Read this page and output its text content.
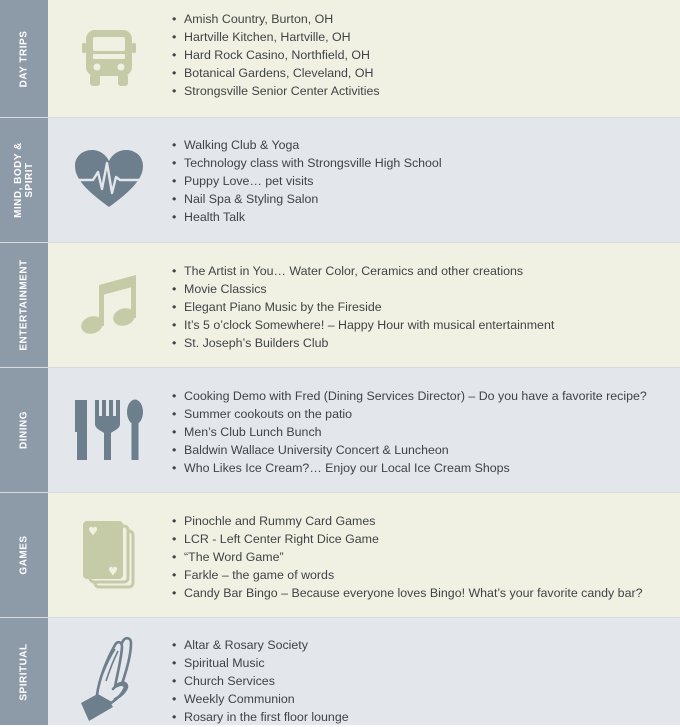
DAY TRIPS
• Amish Country, Burton, OH
• Hartville Kitchen, Hartville, OH
• Hard Rock Casino, Northfield, OH
• Botanical Gardens, Cleveland, OH
• Strongsville Senior Center Activities
MIND, BODY & SPIRIT
• Walking Club & Yoga
• Technology class with Strongsville High School
• Puppy Love… pet visits
• Nail Spa & Styling Salon
• Health Talk
ENTERTAINMENT	• The Artist in You… Water Color, Ceramics and other creations
• Movie Classics
• Elegant Piano Music by the Fireside
• It’s 5 o’clock Somewhere! – Happy Hour with musical entertainment
• St. Joseph’s Builders Club
DINING
• Cooking Demo with Fred (Dining Services Director) – Do you have a favorite recipe?
• Summer cookouts on the patio
• Men’s Club Lunch Bunch
• Baldwin Wallace University Concert & Luncheon
• Who Likes Ice Cream?… Enjoy our Local Ice Cream Shops
GAMES
• Pinochle and Rummy Card Games
• LCR - Left Center Right Dice Game
• “The Word Game”
• Farkle – the game of words
• Candy Bar Bingo – Because everyone loves Bingo! What’s your favorite candy bar?
SPIRITUAL	• Altar & Rosary Society
• Spiritual Music
• Church Services
• Weekly Communion
• Rosary in the first floor lounge
